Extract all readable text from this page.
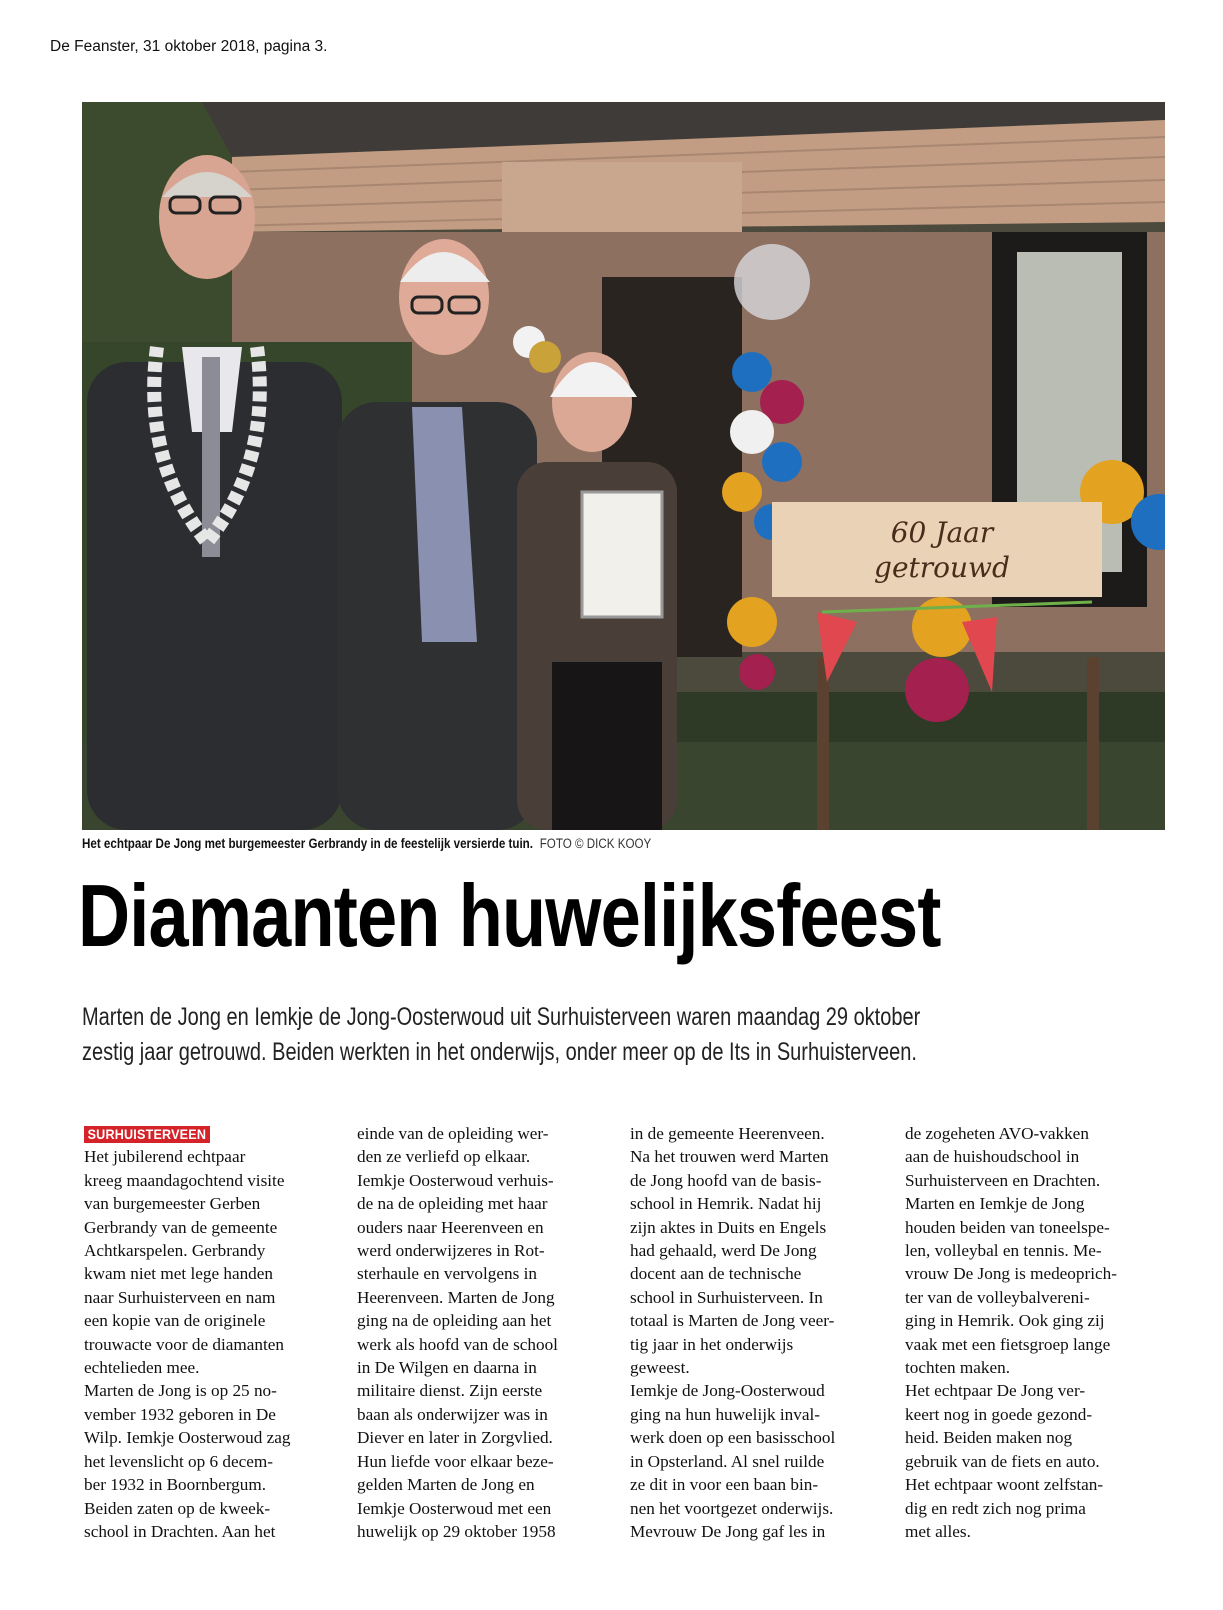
De Feanster, 31 oktober 2018, pagina 3.
60 Jaar
getrouwd
Het echtpaar De Jong met burgemeester Gerbrandy in de feestelijk versierde tuin. FOTO © DICK KOOY
Diamanten huwelijksfeest
Marten de Jong en Iemkje de Jong-Oosterwoud uit Surhuisterveen waren maandag 29 oktober
zestig jaar getrouwd. Beiden werkten in het onderwijs, onder meer op de Its in Surhuisterveen.
SURHUISTERVEEN
Het jubilerend echtpaar
kreeg maandagochtend visite
van burgemeester Gerben
Gerbrandy van de gemeente
Achtkarspelen. Gerbrandy
kwam niet met lege handen
naar Surhuisterveen en nam
een kopie van de originele
trouwacte voor de diamanten
echtelieden mee.
Marten de Jong is op 25 no-
vember 1932 geboren in De
Wilp. Iemkje Oosterwoud zag
het levenslicht op 6 decem-
ber 1932 in Boornbergum.
Beiden zaten op de kweek-
school in Drachten. Aan het
einde van de opleiding wer-
den ze verliefd op elkaar.
Iemkje Oosterwoud verhuis-
de na de opleiding met haar
ouders naar Heerenveen en
werd onderwijzeres in Rot-
sterhaule en vervolgens in
Heerenveen. Marten de Jong
ging na de opleiding aan het
werk als hoofd van de school
in De Wilgen en daarna in
militaire dienst. Zijn eerste
baan als onderwijzer was in
Diever en later in Zorgvlied.
Hun liefde voor elkaar beze-
gelden Marten de Jong en
Iemkje Oosterwoud met een
huwelijk op 29 oktober 1958
in de gemeente Heerenveen.
Na het trouwen werd Marten
de Jong hoofd van de basis-
school in Hemrik. Nadat hij
zijn aktes in Duits en Engels
had gehaald, werd De Jong
docent aan de technische
school in Surhuisterveen. In
totaal is Marten de Jong veer-
tig jaar in het onderwijs
geweest.
Iemkje de Jong-Oosterwoud
ging na hun huwelijk inval-
werk doen op een basisschool
in Opsterland. Al snel ruilde
ze dit in voor een baan bin-
nen het voortgezet onderwijs.
Mevrouw De Jong gaf les in
de zogeheten AVO-vakken
aan de huishoudschool in
Surhuisterveen en Drachten.
Marten en Iemkje de Jong
houden beiden van toneelspe-
len, volleybal en tennis. Me-
vrouw De Jong is medeoprich-
ter van de volleybalvereni-
ging in Hemrik. Ook ging zij
vaak met een fietsgroep lange
tochten maken.
Het echtpaar De Jong ver-
keert nog in goede gezond-
heid. Beiden maken nog
gebruik van de fiets en auto.
Het echtpaar woont zelfstan-
dig en redt zich nog prima
met alles.
